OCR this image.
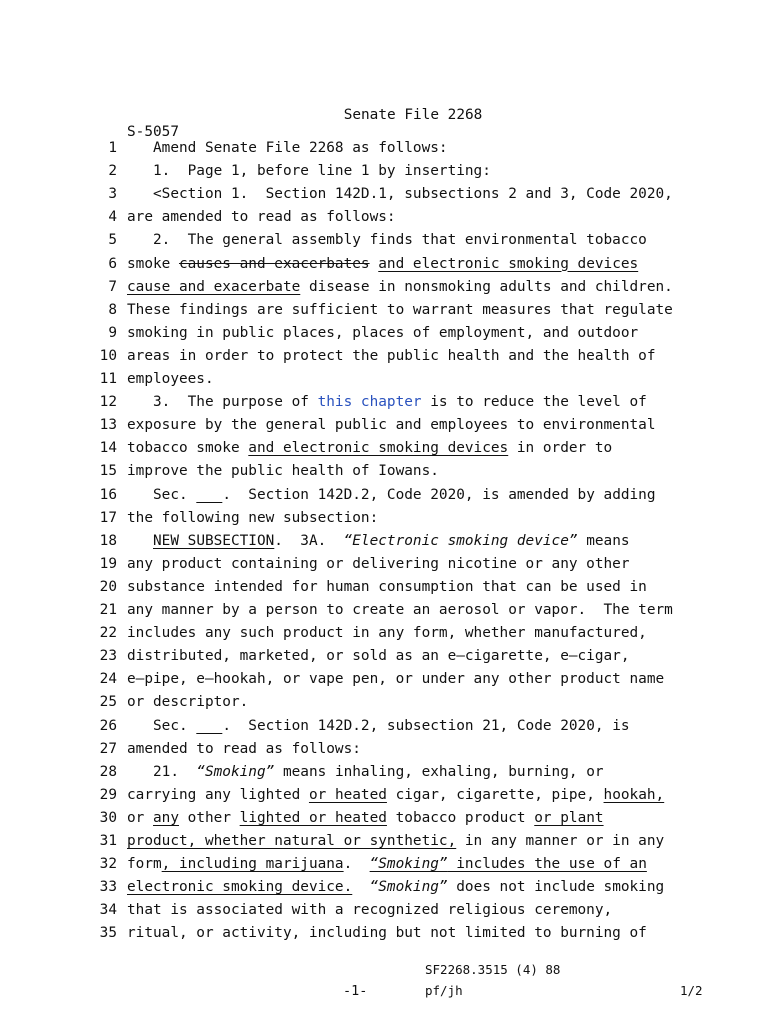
Senate File 2268
S-5057
1 Amend Senate File 2268 as follows:
2 1.  Page 1, before line 1 by inserting:
3 <Section 1.  Section 142D.1, subsections 2 and 3, Code 2020,
4 are amended to read as follows:
5 2.  The general assembly finds that environmental tobacco
6 smoke causes and exacerbates and electronic smoking devices
7 cause and exacerbate disease in nonsmoking adults and children.
8 These findings are sufficient to warrant measures that regulate
9 smoking in public places, places of employment, and outdoor
10 areas in order to protect the public health and the health of
11 employees.
12 3.  The purpose of this chapter is to reduce the level of
13 exposure by the general public and employees to environmental
14 tobacco smoke and electronic smoking devices in order to
15 improve the public health of Iowans.
16 Sec.    .  Section 142D.2, Code 2020, is amended by adding
17 the following new subsection:
18	NEW SUBSECTION.  3A.  “Electronic smoking device” means
19 any product containing or delivering nicotine or any other
20 substance intended for human consumption that can be used in
21 any manner by a person to create an aerosol or vapor.  The term
22 includes any such product in any form, whether manufactured,
23 distributed, marketed, or sold as an e–cigarette, e–cigar,
24 e–pipe, e–hookah, or vape pen, or under any other product name
25 or descriptor.
26 Sec.    .  Section 142D.2, subsection 21, Code 2020, is
27 amended to read as follows:
28 21.  “Smoking” means inhaling, exhaling, burning, or
29 carrying any lighted or heated cigar, cigarette, pipe, hookah,
30 or any other lighted or heated tobacco product or plant
31 product, whether natural or synthetic, in any manner or in any
32 form, including marijuana.  “Smoking” includes the use of an
33 electronic smoking device. “Smoking” does not include smoking
34 that is associated with a recognized religious ceremony,
35 ritual, or activity, including but not limited to burning of
SF2268.3515 (4) 88
-1-	pf/jh	1/2
